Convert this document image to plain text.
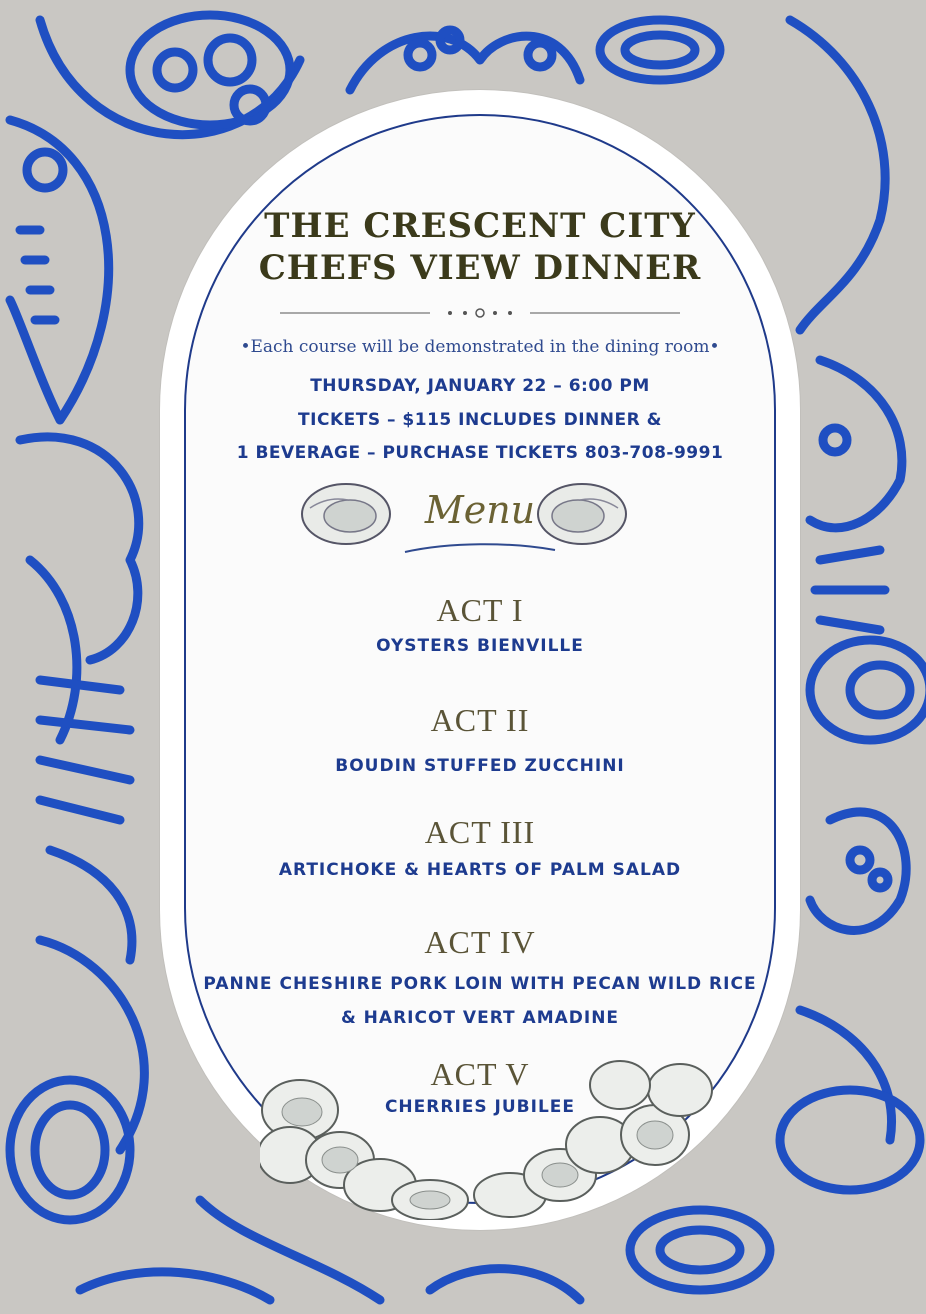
THE CRESCENT CITY
CHEFS VIEW DINNER
•Each course will be demonstrated in the dining room•
THURSDAY, JANUARY 22 – 6:00 PM
TICKETS – $115 INCLUDES DINNER &
1 BEVERAGE – PURCHASE TICKETS 803-708-9991
Menu
ACT I
OYSTERS BIENVILLE
ACT II
BOUDIN STUFFED ZUCCHINI
ACT III
ARTICHOKE & HEARTS OF PALM SALAD
ACT IV
PANNE CHESHIRE PORK LOIN WITH PECAN WILD RICE
& HARICOT VERT AMADINE
ACT V
CHERRIES JUBILEE
